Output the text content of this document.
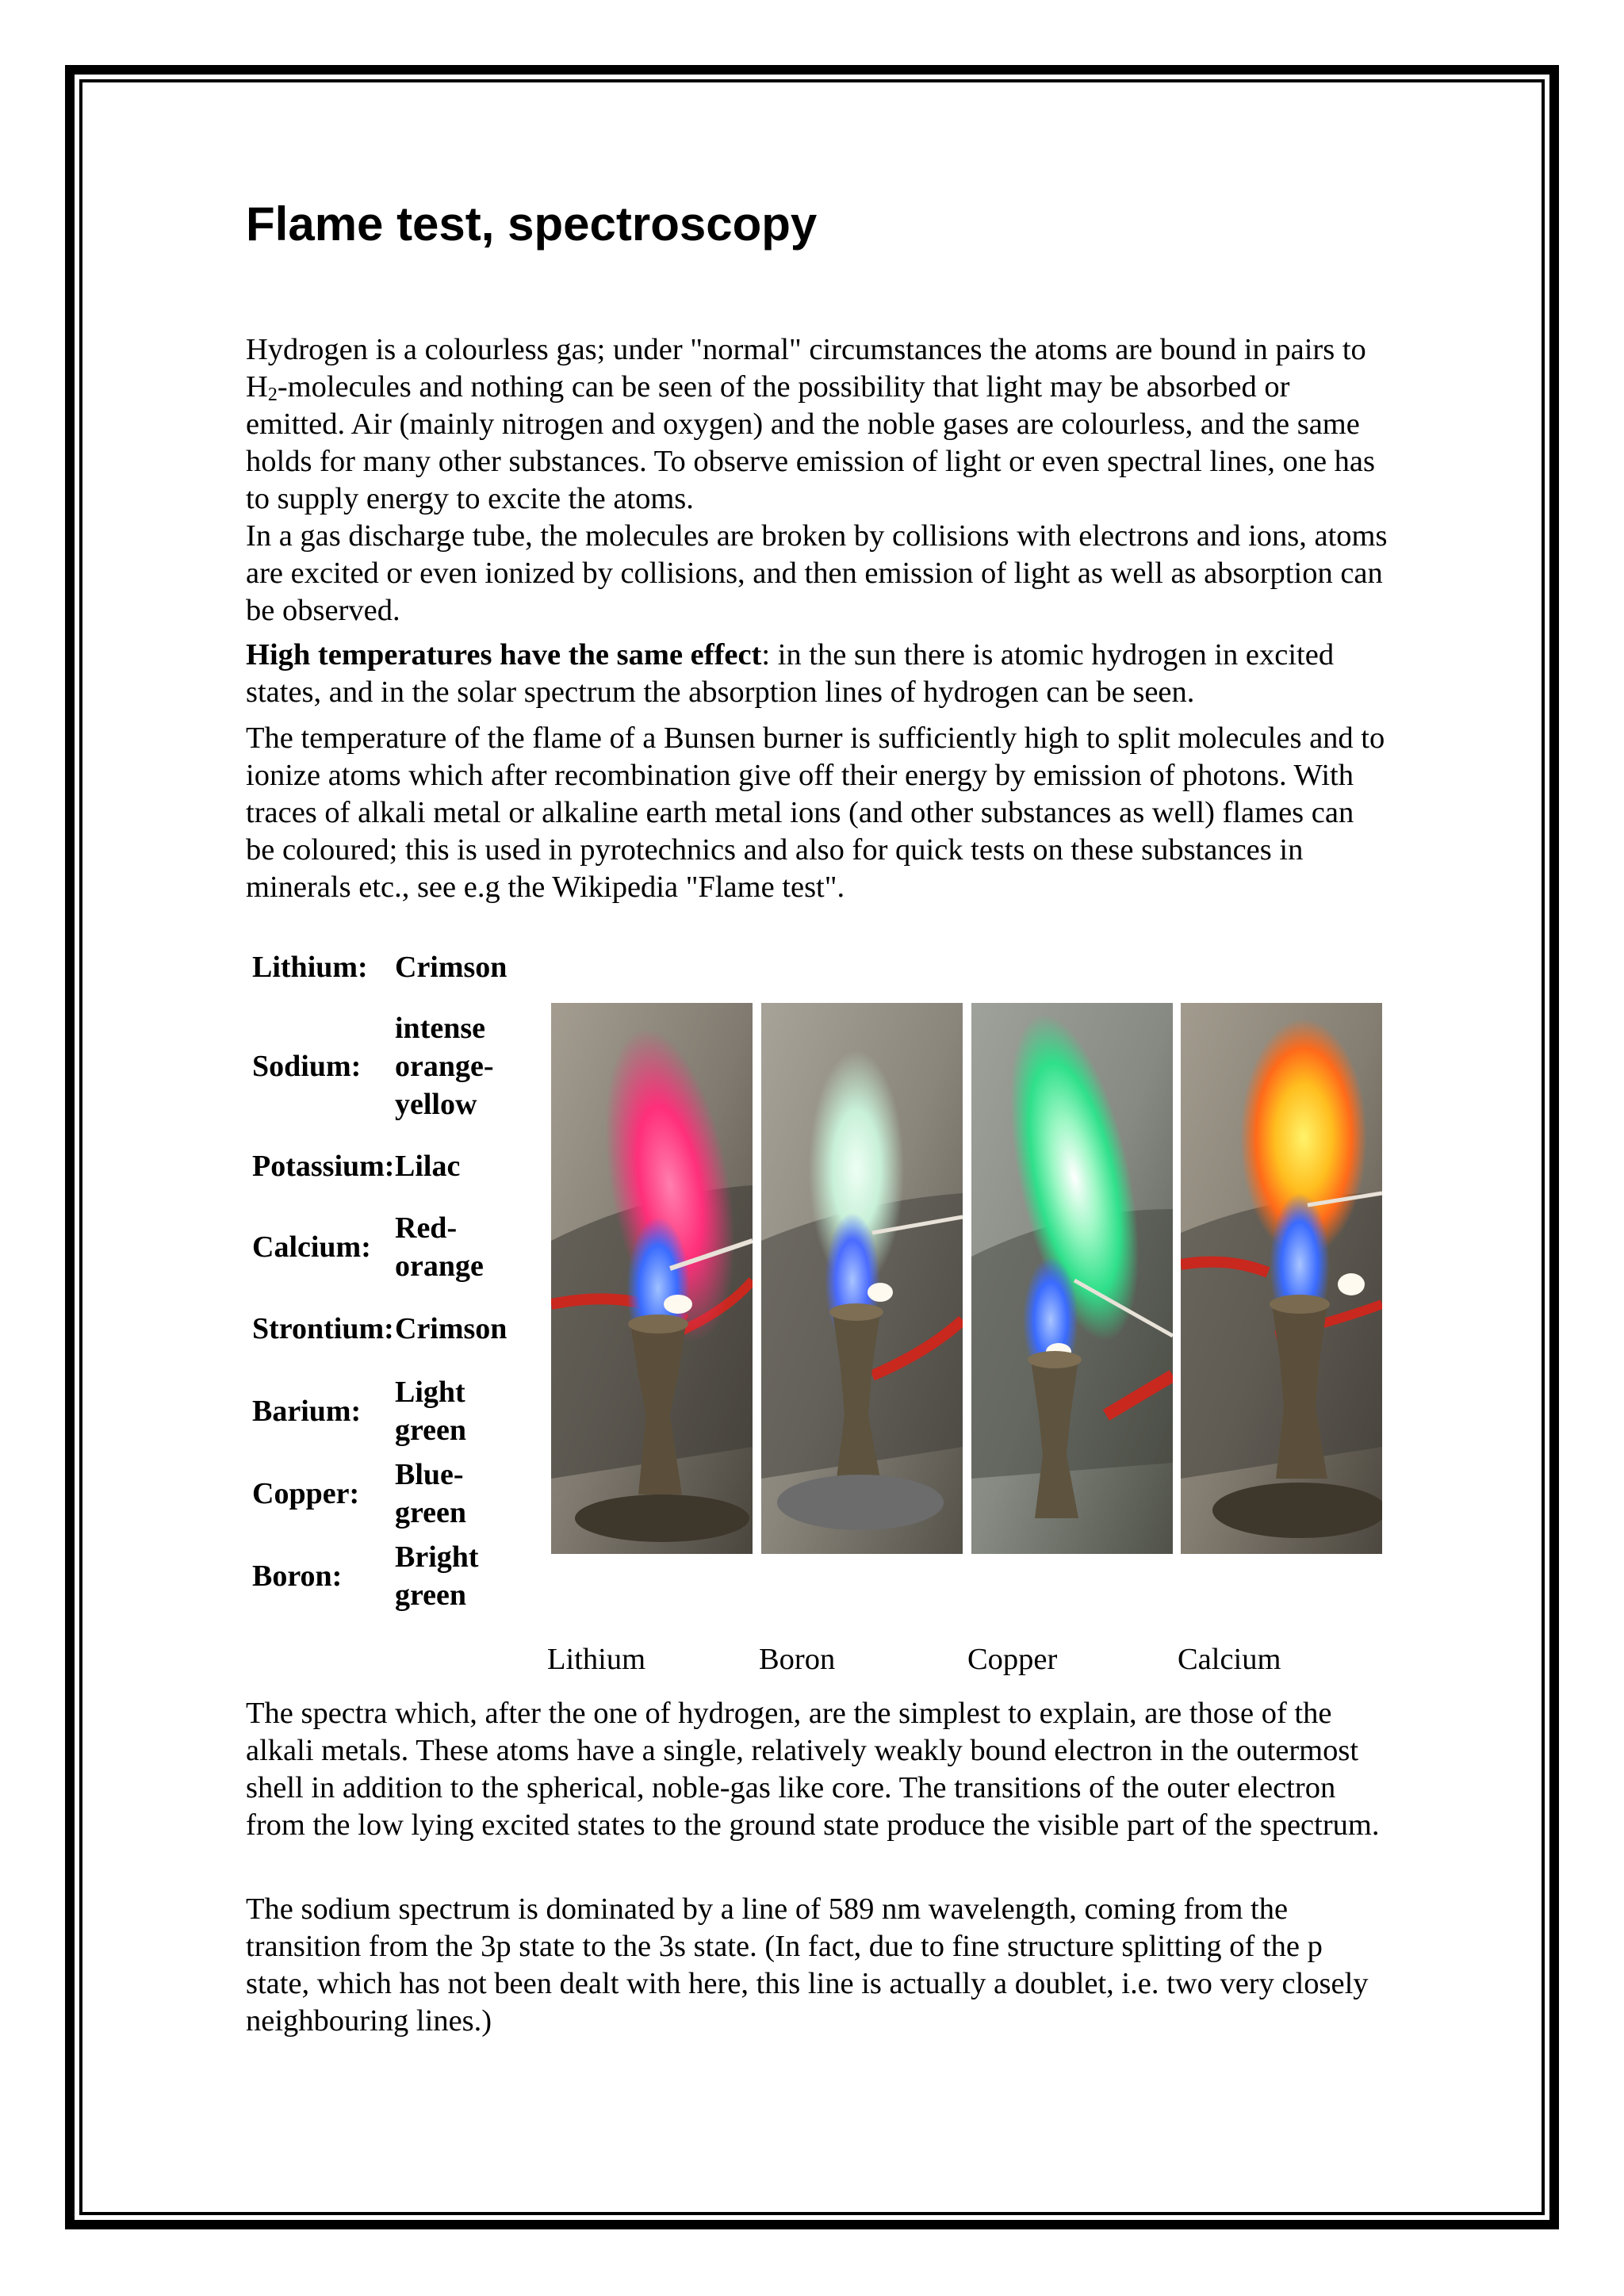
Flame test, spectroscopy

Hydrogen is a colourless gas; under "normal" circumstances the atoms are bound in pairs to $H_2$-molecules and nothing can be seen of the possibility that light may be absorbed or emitted. Air (mainly nitrogen and oxygen) and the noble gases are colourless, and the same holds for many other substances. To observe emission of light or even spectral lines, one has to supply energy to excite the atoms.

In a gas discharge tube, the molecules are broken by collisions with electrons and ions, atoms are excited or even ionized by collisions, and then emission of light as well as absorption can be observed.

High temperatures have the same effect: in the sun there is atomic hydrogen in excited states, and in the solar spectrum the absorption lines of hydrogen can be seen.

The temperature of the flame of a Bunsen burner is sufficiently high to split molecules and to ionize atoms which after recombination give off their energy by emission of photons. With traces of alkali metal or alkaline earth metal ions (and other substances as well) flames can be coloured; this is used in pyrotechnics and also for quick tests on these substances in minerals etc., see e.g the Wikipedia "Flame test".

Lithium: Crimson
Sodium:
intense orange-yellow
Potassium: Lilac
Calcium:
Red-orange
Strontium: Crimson
Barium:
Light green
Copper:
Blue-green
Boron:
Bright green
Lithium	Boron	Copper	Calcium

The spectra which, after the one of hydrogen, are the simplest to explain, are those of the alkali metals. These atoms have a single, relatively weakly bound electron in the outermost shell in addition to the spherical, noble-gas like core. The transitions of the outer electron from the low lying excited states to the ground state produce the visible part of the spectrum.

The sodium spectrum is dominated by a line of 589 nm wavelength, coming from the transition from the 3p state to the 3s state. (In fact, due to fine structure splitting of the p state, which has not been dealt with here, this line is actually a doublet, i.e. two very closely neighbouring lines.)
